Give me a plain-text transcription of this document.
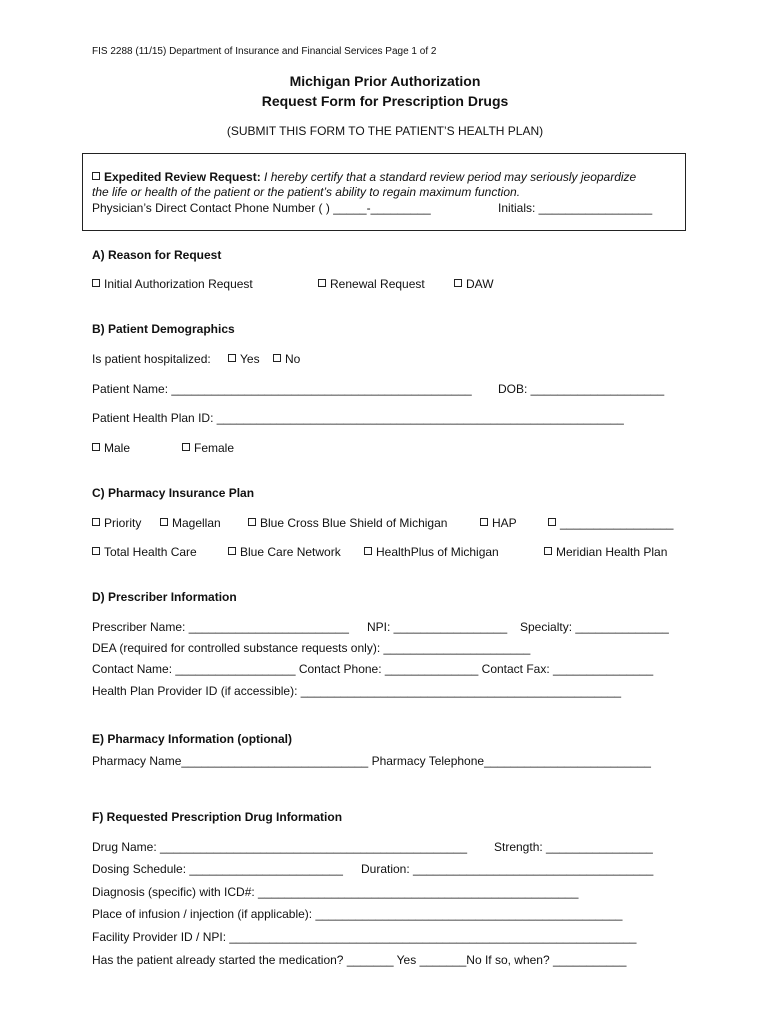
FIS 2288 (11/15) Department of Insurance and Financial Services Page 1 of 2
Michigan Prior Authorization
Request Form for Prescription Drugs
(SUBMIT THIS FORM TO THE PATIENT’S HEALTH PLAN)
Expedited Review Request: I hereby certify that a standard review period may seriously jeopardize
the life or health of the patient or the patient’s ability to regain maximum function.
Physician’s Direct Contact Phone Number ( ) _____-_________	Initials: _________________
A) Reason for Request
Initial Authorization Request	Renewal Request	DAW
B) Patient Demographics
Is patient hospitalized:	Yes	No
Patient Name: _____________________________________________ DOB: ____________________
Patient Health Plan ID: _____________________________________________________________
Male	Female
C) Pharmacy Insurance Plan
Priority	Magellan	Blue Cross Blue Shield of Michigan	HAP	_________________
Total Health Care	Blue Care Network	HealthPlus of Michigan	Meridian Health Plan
D) Prescriber Information
Prescriber Name: ________________________ NPI: _________________ Specialty: ______________
DEA (required for controlled substance requests only): ______________________
Contact Name: __________________ Contact Phone: ______________ Contact Fax: _______________
Health Plan Provider ID (if accessible): ________________________________________________
E) Pharmacy Information (optional)
Pharmacy Name____________________________ Pharmacy Telephone_________________________
F) Requested Prescription Drug Information
Drug Name: ______________________________________________ Strength: ________________
Dosing Schedule: _______________________ Duration: ____________________________________
Diagnosis (specific) with ICD#: ________________________________________________
Place of infusion / injection (if applicable): ______________________________________________
Facility Provider ID / NPI: _____________________________________________________________
Has the patient already started the medication? _______ Yes _______No If so, when? ___________
